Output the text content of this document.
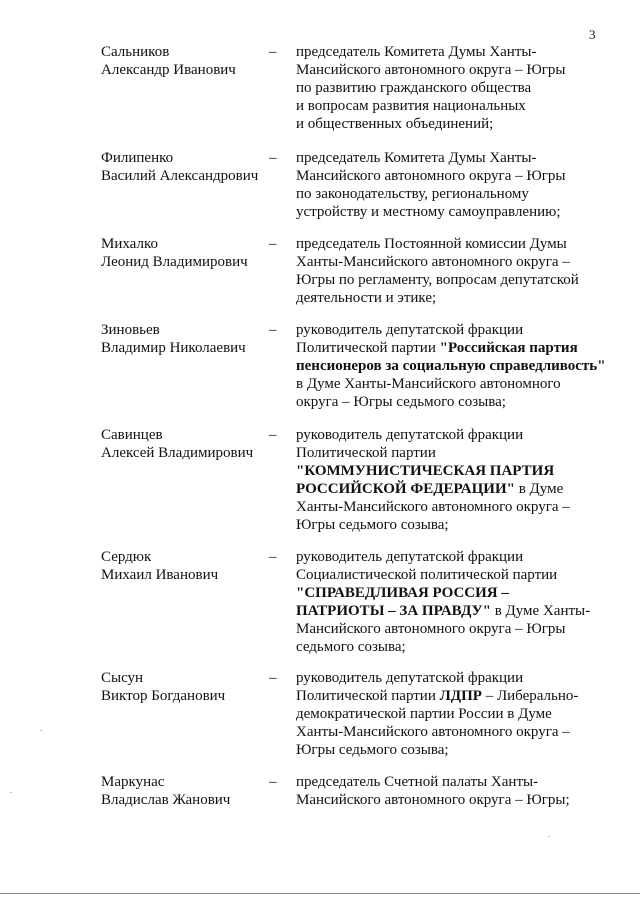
3
Сальников
Александр Иванович
– председатель Комитета Думы Ханты-
Мансийского автономного округа – Югры
по развитию гражданского общества
и вопросам развития национальных
и общественных объединений;
Филипенко
Василий Александрович
– председатель Комитета Думы Ханты-
Мансийского автономного округа – Югры
по законодательству, региональному
устройству и местному самоуправлению;
Михалко
Леонид Владимирович
– председатель Постоянной комиссии Думы
Ханты-Мансийского автономного округа –
Югры по регламенту, вопросам депутатской
деятельности и этике;
Зиновьев
Владимир Николаевич
– руководитель депутатской фракции
Политической партии "Российская партия
пенсионеров за социальную справедливость"
в Думе Ханты-Мансийского автономного
округа – Югры седьмого созыва;
Савинцев
Алексей Владимирович
– руководитель депутатской фракции
Политической партии
"КОММУНИСТИЧЕСКАЯ ПАРТИЯ
РОССИЙСКОЙ ФЕДЕРАЦИИ" в Думе
Ханты-Мансийского автономного округа –
Югры седьмого созыва;
Сердюк
Михаил Иванович
– руководитель депутатской фракции
Социалистической политической партии
"СПРАВЕДЛИВАЯ РОССИЯ –
ПАТРИОТЫ – ЗА ПРАВДУ" в Думе Ханты-
Мансийского автономного округа – Югры
седьмого созыва;
Сысун
Виктор Богданович
– руководитель депутатской фракции
Политической партии ЛДПР – Либерально-
демократической партии России в Думе
Ханты-Мансийского автономного округа –
Югры седьмого созыва;
Маркунас
Владислав Жанович
– председатель Счетной палаты Ханты-
Мансийского автономного округа – Югры;
